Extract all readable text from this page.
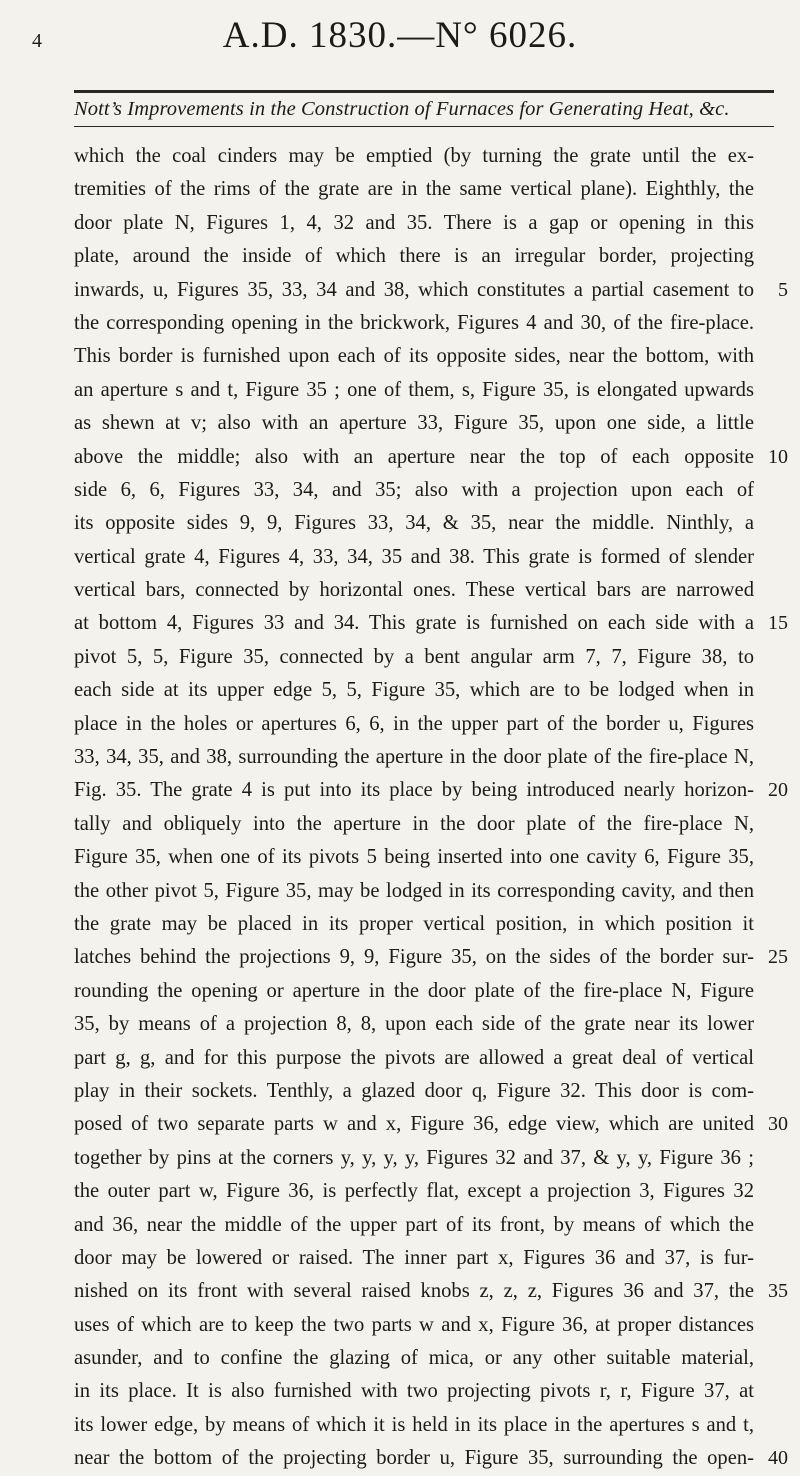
4	A.D. 1830.—N° 6026.
Nott’s Improvements in the Construction of Furnaces for Generating Heat, &c.
which the coal cinders may be emptied (by turning the grate until the ex-
tremities of the rims of the grate are in the same vertical plane). Eighthly, the
door plate N, Figures 1, 4, 32 and 35. There is a gap or opening in this
plate, around the inside of which there is an irregular border, projecting
inwards, u, Figures 35, 33, 34 and 38, which constitutes a partial casement to 5
the corresponding opening in the brickwork, Figures 4 and 30, of the fire-place.
This border is furnished upon each of its opposite sides, near the bottom, with
an aperture s and t, Figure 35 ; one of them, s, Figure 35, is elongated upwards
as shewn at v; also with an aperture 33, Figure 35, upon one side, a little
above the middle; also with an aperture near the top of each opposite 10
side 6, 6, Figures 33, 34, and 35; also with a projection upon each of
its opposite sides 9, 9, Figures 33, 34, & 35, near the middle. Ninthly, a
vertical grate 4, Figures 4, 33, 34, 35 and 38. This grate is formed of slender
vertical bars, connected by horizontal ones. These vertical bars are narrowed
at bottom 4, Figures 33 and 34. This grate is furnished on each side with a 15
pivot 5, 5, Figure 35, connected by a bent angular arm 7, 7, Figure 38, to
each side at its upper edge 5, 5, Figure 35, which are to be lodged when in
place in the holes or apertures 6, 6, in the upper part of the border u, Figures
33, 34, 35, and 38, surrounding the aperture in the door plate of the fire-place N,
Fig. 35. The grate 4 is put into its place by being introduced nearly horizon- 20
tally and obliquely into the aperture in the door plate of the fire-place N,
Figure 35, when one of its pivots 5 being inserted into one cavity 6, Figure 35,
the other pivot 5, Figure 35, may be lodged in its corresponding cavity, and then
the grate may be placed in its proper vertical position, in which position it
latches behind the projections 9, 9, Figure 35, on the sides of the border sur- 25
rounding the opening or aperture in the door plate of the fire-place N, Figure
35, by means of a projection 8, 8, upon each side of the grate near its lower
part g, g, and for this purpose the pivots are allowed a great deal of vertical
play in their sockets. Tenthly, a glazed door q, Figure 32. This door is com-
posed of two separate parts w and x, Figure 36, edge view, which are united 30
together by pins at the corners y, y, y, y, Figures 32 and 37, & y, y, Figure 36 ;
the outer part w, Figure 36, is perfectly flat, except a projection 3, Figures 32
and 36, near the middle of the upper part of its front, by means of which the
door may be lowered or raised. The inner part x, Figures 36 and 37, is fur-
nished on its front with several raised knobs z, z, z, Figures 36 and 37, the 35
uses of which are to keep the two parts w and x, Figure 36, at proper distances
asunder, and to confine the glazing of mica, or any other suitable material,
in its place. It is also furnished with two projecting pivots r, r, Figure 37, at
its lower edge, by means of which it is held in its place in the apertures s and t,
near the bottom of the projecting border u, Figure 35, surrounding the open- 40
